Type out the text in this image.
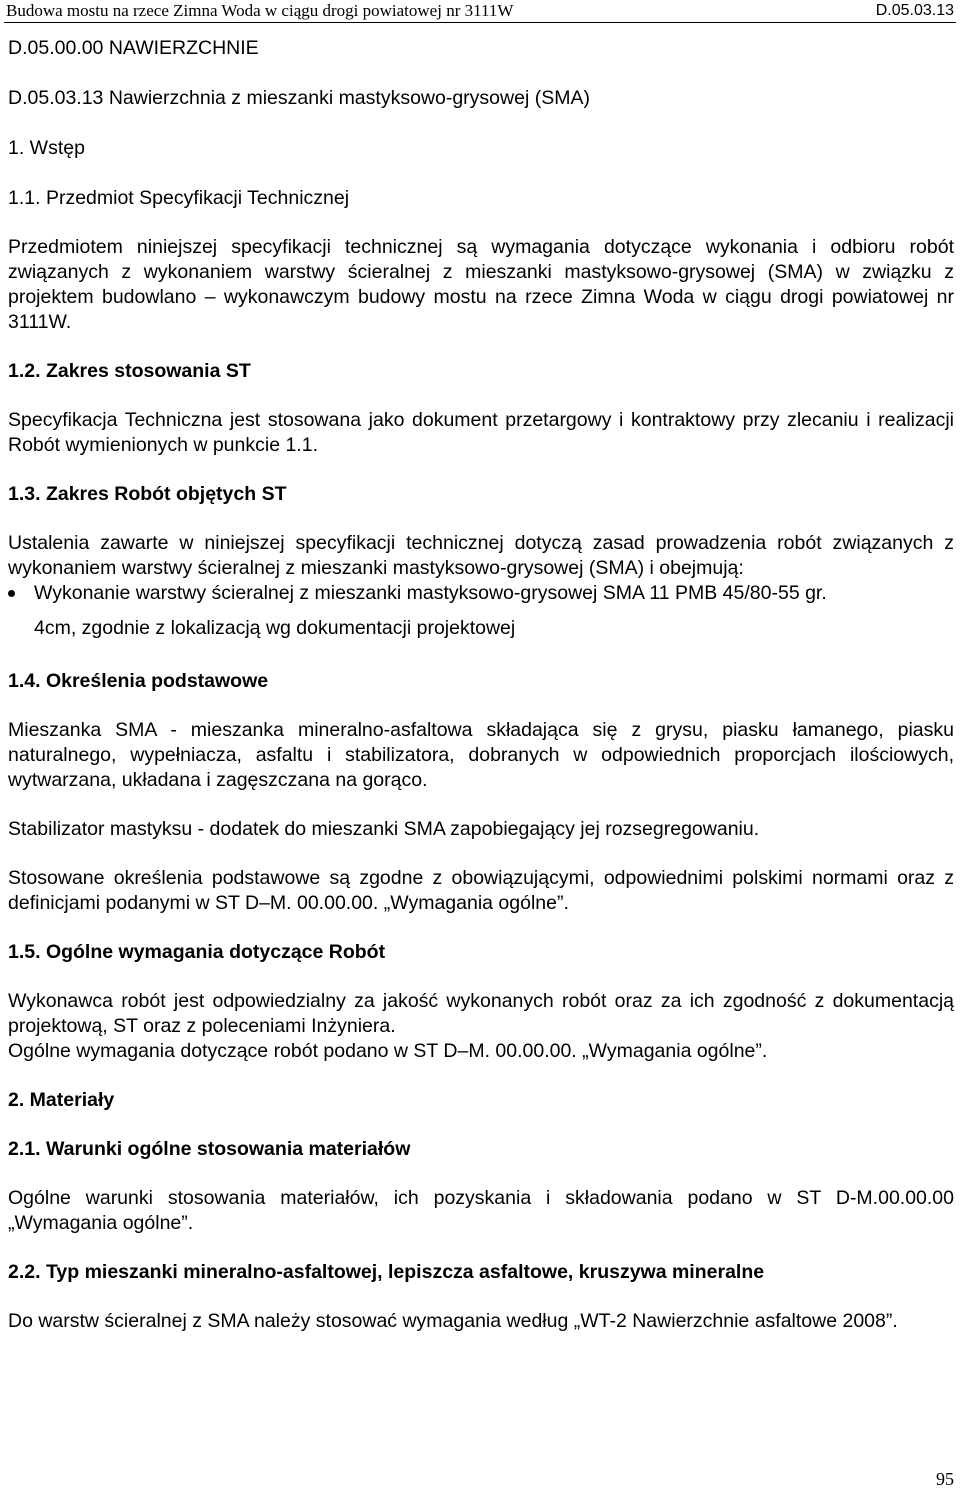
Budowa mostu na rzece Zimna Woda w ciągu drogi powiatowej nr 3111W	D.05.03.13
D.05.00.00 NAWIERZCHNIE
D.05.03.13 Nawierzchnia z mieszanki mastyksowo-grysowej (SMA)
1. Wstęp
1.1. Przedmiot Specyfikacji Technicznej

Przedmiotem niniejszej specyfikacji technicznej są wymagania dotyczące wykonania i odbioru robót związanych z wykonaniem warstwy ścieralnej z mieszanki mastyksowo-grysowej (SMA) w związku z projektem budowlano – wykonawczym budowy mostu na rzece Zimna Woda w ciągu drogi powiatowej nr 3111W.

1.2. Zakres stosowania ST

Specyfikacja Techniczna jest stosowana jako dokument przetargowy i kontraktowy przy zlecaniu i realizacji Robót wymienionych w punkcie 1.1.

1.3. Zakres Robót objętych ST

Ustalenia zawarte w niniejszej specyfikacji technicznej dotyczą zasad prowadzenia robót związanych z wykonaniem warstwy ścieralnej z mieszanki mastyksowo-grysowej (SMA) i obejmują:

Wykonanie warstwy ścieralnej z mieszanki mastyksowo-grysowej SMA 11 PMB 45/80-55 gr.

4cm, zgodnie z lokalizacją wg dokumentacji projektowej

1.4. Określenia podstawowe

Mieszanka SMA - mieszanka mineralno-asfaltowa składająca się z grysu, piasku łamanego, piasku naturalnego, wypełniacza, asfaltu i stabilizatora, dobranych w odpowiednich proporcjach ilościowych, wytwarzana, układana i zagęszczana na gorąco.

Stabilizator mastyksu - dodatek do mieszanki SMA zapobiegający jej rozsegregowaniu.

Stosowane określenia podstawowe są zgodne z obowiązującymi, odpowiednimi polskimi normami oraz z definicjami podanymi w ST D–M. 00.00.00. „Wymagania ogólne”.

1.5. Ogólne wymagania dotyczące Robót

Wykonawca robót jest odpowiedzialny za jakość wykonanych robót oraz za ich zgodność z dokumentacją projektową, ST oraz z poleceniami Inżyniera.

Ogólne wymagania dotyczące robót podano w ST D–M. 00.00.00. „Wymagania ogólne”.

2. Materiały
2.1. Warunki ogólne stosowania materiałów

Ogólne warunki stosowania materiałów, ich pozyskania i składowania podano w ST D-M.00.00.00 „Wymagania ogólne”.

2.2. Typ mieszanki mineralno-asfaltowej, lepiszcza asfaltowe, kruszywa mineralne

Do warstw ścieralnej z SMA należy stosować wymagania według „WT-2 Nawierzchnie asfaltowe 2008”.

95
